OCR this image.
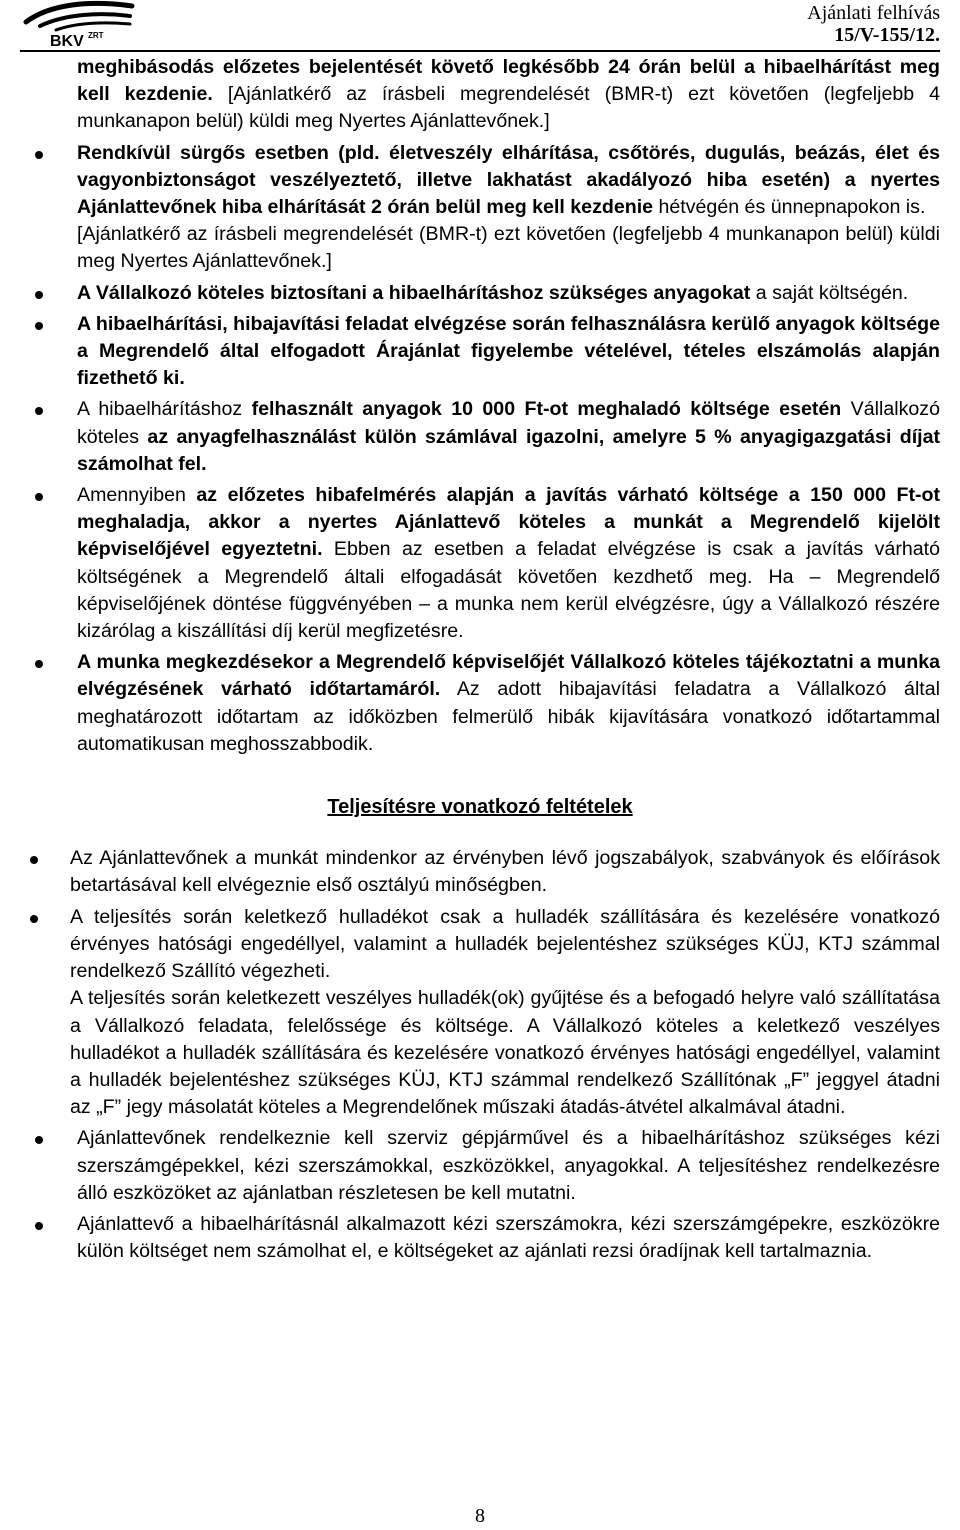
BKV ZRT
Ajánlati felhívás
15/V-155/12.
meghibásodás előzetes bejelentését követő legkésőbb 24 órán belül a hibaelhárítást meg kell kezdenie. [Ajánlatkérő az írásbeli megrendelését (BMR-t) ezt követően (legfeljebb 4 munkanapon belül) küldi meg Nyertes Ajánlattevőnek.]
Rendkívül sürgős esetben (pld. életveszély elhárítása, csőtörés, dugulás, beázás, élet és vagyonbiztonságot veszélyeztető, illetve lakhatást akadályozó hiba esetén) a nyertes Ajánlattevőnek hiba elhárítását 2 órán belül meg kell kezdenie hétvégén és ünnepnapokon is.
[Ajánlatkérő az írásbeli megrendelését (BMR-t) ezt követően (legfeljebb 4 munkanapon belül) küldi meg Nyertes Ajánlattevőnek.]
A Vállalkozó köteles biztosítani a hibaelhárításhoz szükséges anyagokat a saját költségén.
A hibaelhárítási, hibajavítási feladat elvégzése során felhasználásra kerülő anyagok költsége a Megrendelő által elfogadott Árajánlat figyelembe vételével, tételes elszámolás alapján fizethető ki.
A hibaelhárításhoz felhasznált anyagok 10 000 Ft-ot meghaladó költsége esetén Vállalkozó köteles az anyagfelhasználást külön számlával igazolni, amelyre 5 % anyagigazgatási díjat számolhat fel.
Amennyiben az előzetes hibafelmérés alapján a javítás várható költsége a 150 000 Ft-ot meghaladja, akkor a nyertes Ajánlattevő köteles a munkát a Megrendelő kijelölt képviselőjével egyeztetni. Ebben az esetben a feladat elvégzése is csak a javítás várható költségének a Megrendelő általi elfogadását követően kezdhető meg. Ha – Megrendelő képviselőjének döntése függvényében – a munka nem kerül elvégzésre, úgy a Vállalkozó részére kizárólag a kiszállítási díj kerül megfizetésre.
A munka megkezdésekor a Megrendelő képviselőjét Vállalkozó köteles tájékoztatni a munka elvégzésének várható időtartamáról. Az adott hibajavítási feladatra a Vállalkozó által meghatározott időtartam az időközben felmerülő hibák kijavítására vonatkozó időtartammal automatikusan meghosszabbodik.
Teljesítésre vonatkozó feltételek
Az Ajánlattevőnek a munkát mindenkor az érvényben lévő jogszabályok, szabványok és előírások betartásával kell elvégeznie első osztályú minőségben.
A teljesítés során keletkező hulladékot csak a hulladék szállítására és kezelésére vonatkozó érvényes hatósági engedéllyel, valamint a hulladék bejelentéshez szükséges KÜJ, KTJ számmal rendelkező Szállító végezheti.
A teljesítés során keletkezett veszélyes hulladék(ok) gyűjtése és a befogadó helyre való szállítatása a Vállalkozó feladata, felelőssége és költsége. A Vállalkozó köteles a keletkező veszélyes hulladékot a hulladék szállítására és kezelésére vonatkozó érvényes hatósági engedéllyel, valamint a hulladék bejelentéshez szükséges KÜJ, KTJ számmal rendelkező Szállítónak „F” jeggyel átadni az „F” jegy másolatát köteles a Megrendelőnek műszaki átadás-átvétel alkalmával átadni.
Ajánlattevőnek rendelkeznie kell szerviz gépjárművel és a hibaelhárításhoz szükséges kézi szerszámgépekkel, kézi szerszámokkal, eszközökkel, anyagokkal. A teljesítéshez rendelkezésre álló eszközöket az ajánlatban részletesen be kell mutatni.
Ajánlattevő a hibaelhárításnál alkalmazott kézi szerszámokra, kézi szerszámgépekre, eszközökre külön költséget nem számolhat el, e költségeket az ajánlati rezsi óradíjnak kell tartalmaznia.
8
